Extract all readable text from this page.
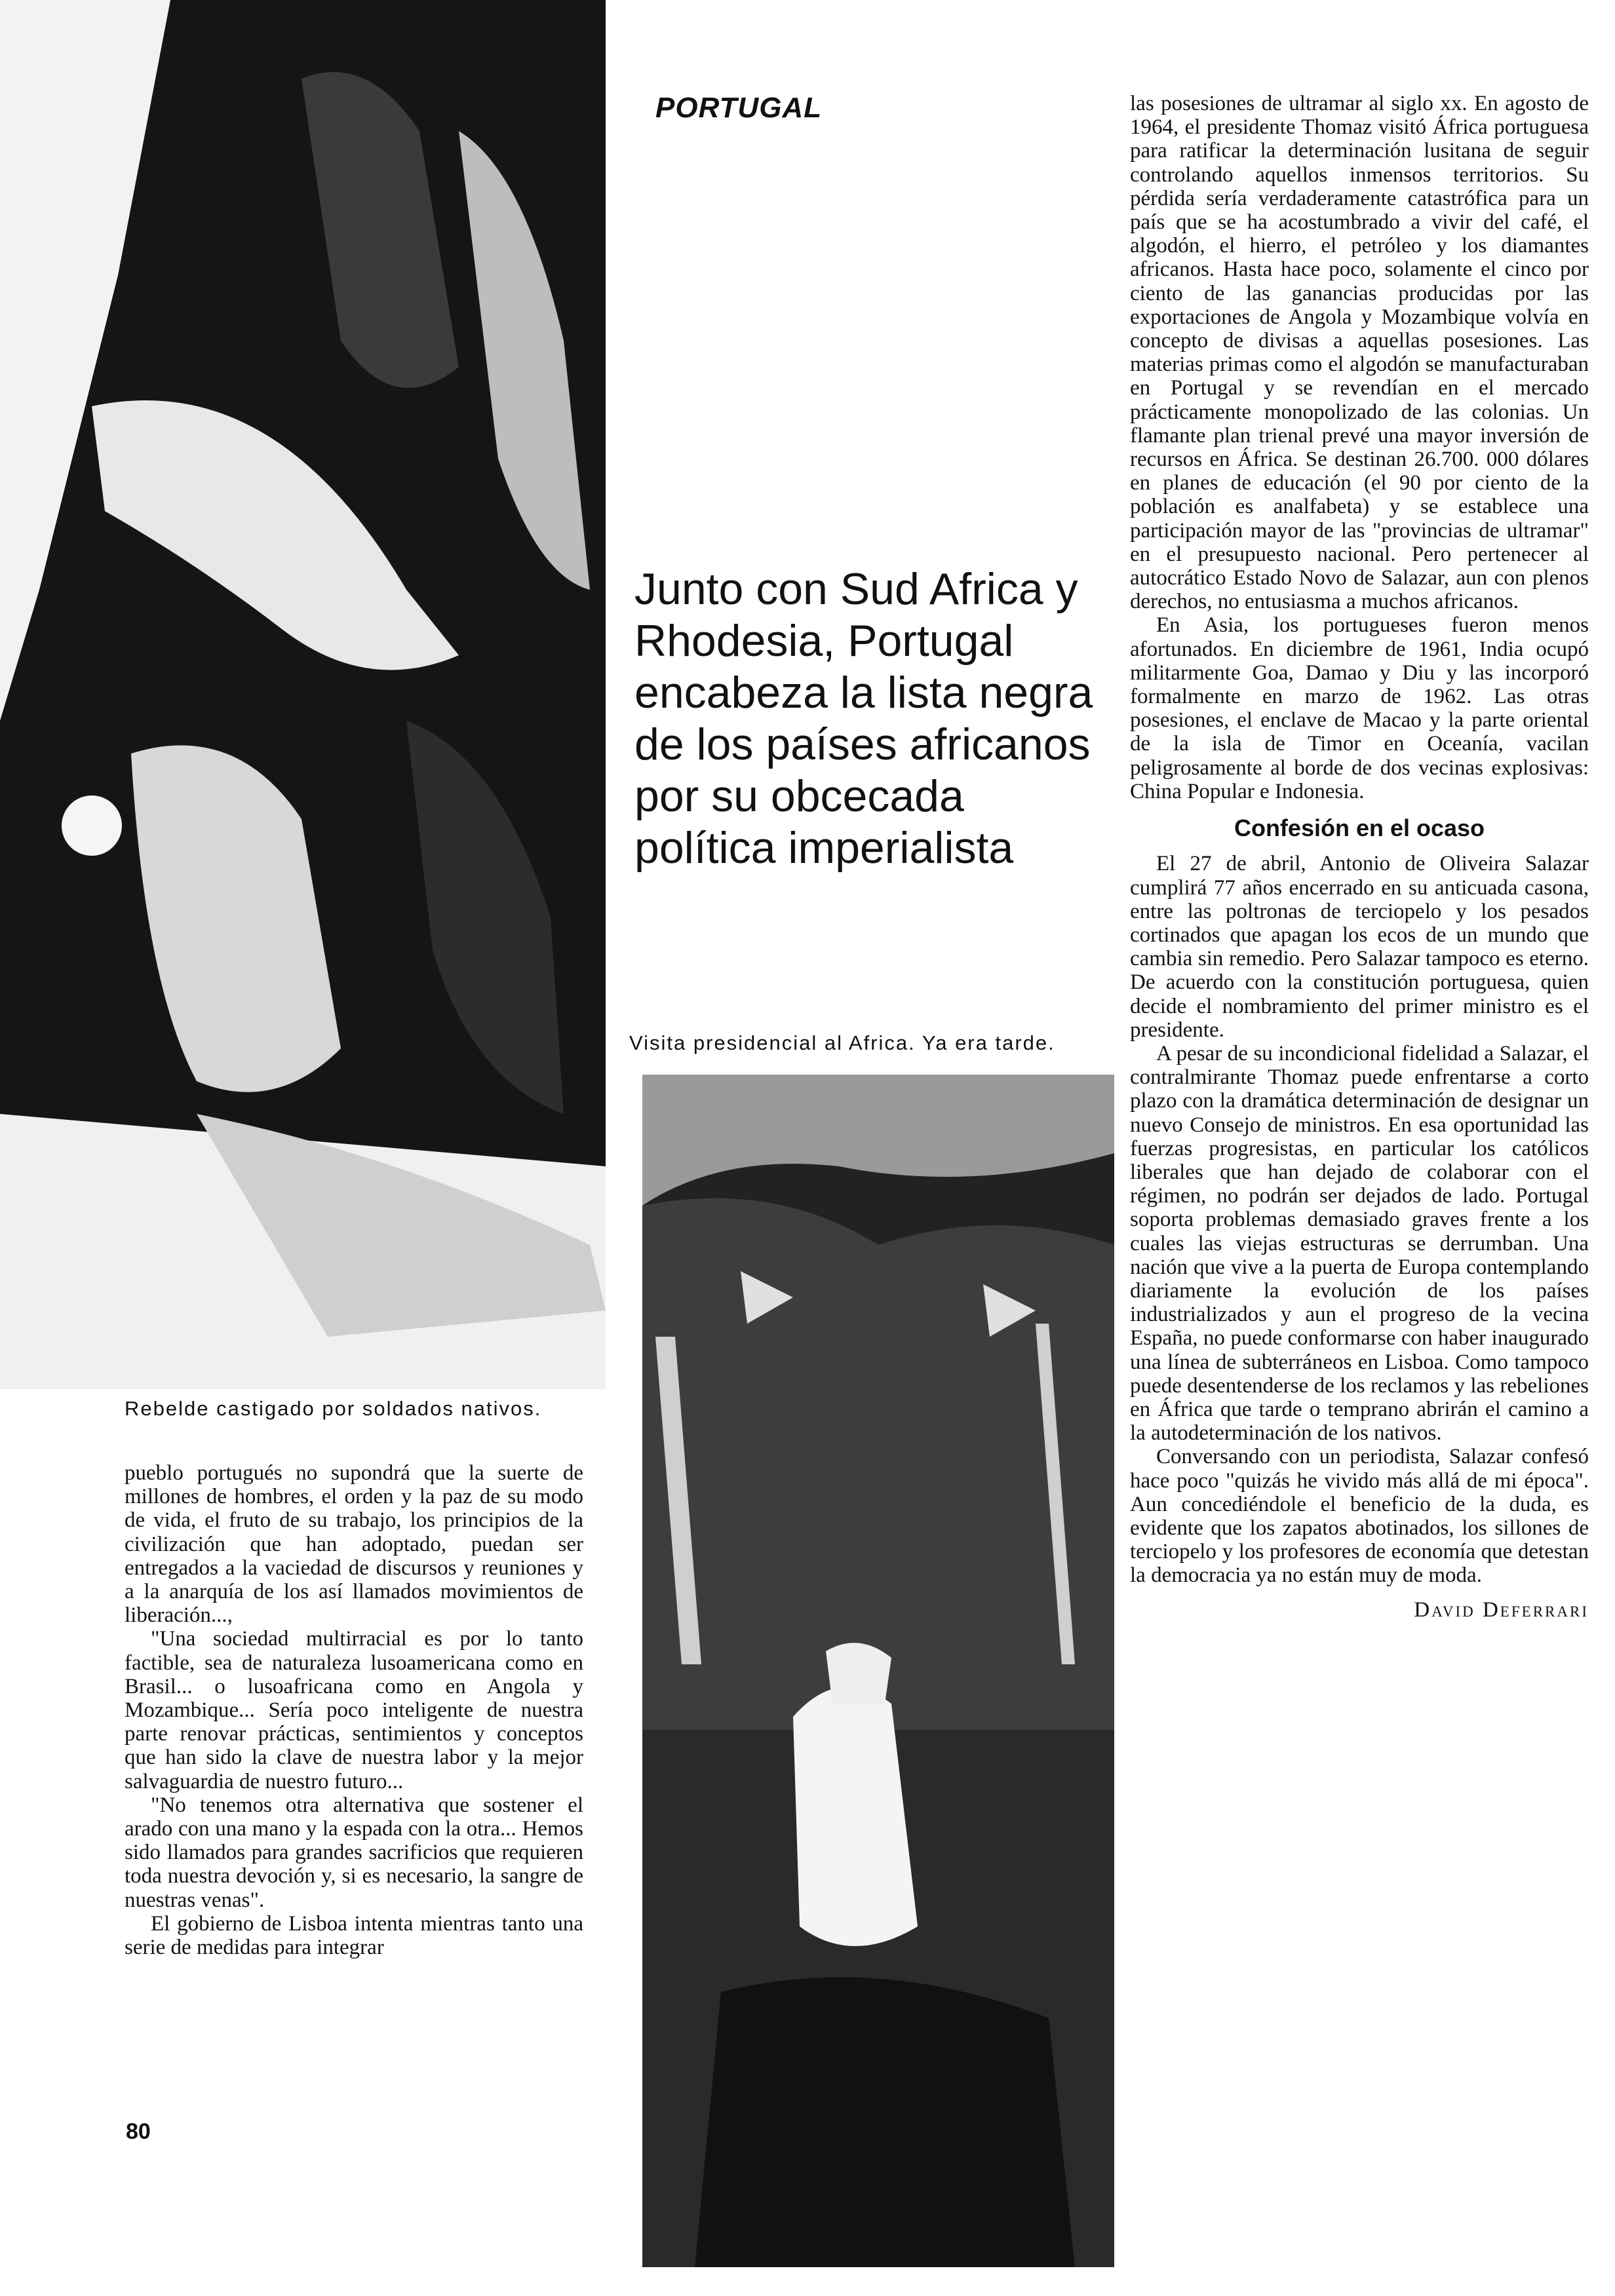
Rebelde castigado por soldados nativos.
PORTUGAL
Junto con Sud Africa y Rhodesia, Portugal encabeza la lista negra de los países africanos por su obcecada política imperialista
Visita presidencial al Africa. Ya era tarde.

pueblo portugués no supondrá que la suerte de millones de hombres, el orden y la paz de su modo de vida, el fruto de su trabajo, los principios de la civilización que han adoptado, puedan ser entregados a la vaciedad de discursos y reuniones y a la anarquía de los así llamados movimientos de liberación...,

"Una sociedad multirracial es por lo tanto factible, sea de naturaleza lusoamericana como en Brasil... o lusoafricana como en Angola y Mozambique... Sería poco inteligente de nuestra parte renovar prácticas, sentimientos y conceptos que han sido la clave de nuestra labor y la mejor salvaguardia de nuestro futuro...

"No tenemos otra alternativa que sostener el arado con una mano y la espada con la otra... Hemos sido llamados para grandes sacrificios que requieren toda nuestra devoción y, si es necesario, la sangre de nuestras venas".

El gobierno de Lisboa intenta mientras tanto una serie de medidas para integrar

las posesiones de ultramar al siglo xx. En agosto de 1964, el presidente Thomaz visitó África portuguesa para ratificar la determinación lusitana de seguir controlando aquellos inmensos territorios. Su pérdida sería verdaderamente catastrófica para un país que se ha acostumbrado a vivir del café, el algodón, el hierro, el petróleo y los diamantes africanos. Hasta hace poco, solamente el cinco por ciento de las ganancias producidas por las exportaciones de Angola y Mozambique volvía en concepto de divisas a aquellas posesiones. Las materias primas como el algodón se manufacturaban en Portugal y se revendían en el mercado prácticamente monopolizado de las colonias. Un flamante plan trienal prevé una mayor inversión de recursos en África. Se destinan 26.700. 000 dólares en planes de educación (el 90 por ciento de la población es analfabeta) y se establece una participación mayor de las "provincias de ultramar" en el presupuesto nacional. Pero pertenecer al autocrático Estado Novo de Salazar, aun con plenos derechos, no entusiasma a muchos africanos.

En Asia, los portugueses fueron menos afortunados. En diciembre de 1961, India ocupó militarmente Goa, Damao y Diu y las incorporó formalmente en marzo de 1962. Las otras posesiones, el enclave de Macao y la parte oriental de la isla de Timor en Oceanía, vacilan peligrosamente al borde de dos vecinas explosivas: China Popular e Indonesia.

Confesión en el ocaso

El 27 de abril, Antonio de Oliveira Salazar cumplirá 77 años encerrado en su anticuada casona, entre las poltronas de terciopelo y los pesados cortinados que apagan los ecos de un mundo que cambia sin remedio. Pero Salazar tampoco es eterno. De acuerdo con la constitución portuguesa, quien decide el nombramiento del primer ministro es el presidente.

A pesar de su incondicional fidelidad a Salazar, el contralmirante Thomaz puede enfrentarse a corto plazo con la dramática determinación de designar un nuevo Consejo de ministros. En esa oportunidad las fuerzas progresistas, en particular los católicos liberales que han dejado de colaborar con el régimen, no podrán ser dejados de lado. Portugal soporta problemas demasiado graves frente a los cuales las viejas estructuras se derrumban. Una nación que vive a la puerta de Europa contemplando diariamente la evolución de los países industrializados y aun el progreso de la vecina España, no puede conformarse con haber inaugurado una línea de subterráneos en Lisboa. Como tampoco puede desentenderse de los reclamos y las rebeliones en África que tarde o temprano abrirán el camino a la autodeterminación de los nativos.

Conversando con un periodista, Salazar confesó hace poco "quizás he vivido más allá de mi época". Aun concediéndole el beneficio de la duda, es evidente que los zapatos abotinados, los sillones de terciopelo y los profesores de economía que detestan la democracia ya no están muy de moda.

David Deferrari

80
